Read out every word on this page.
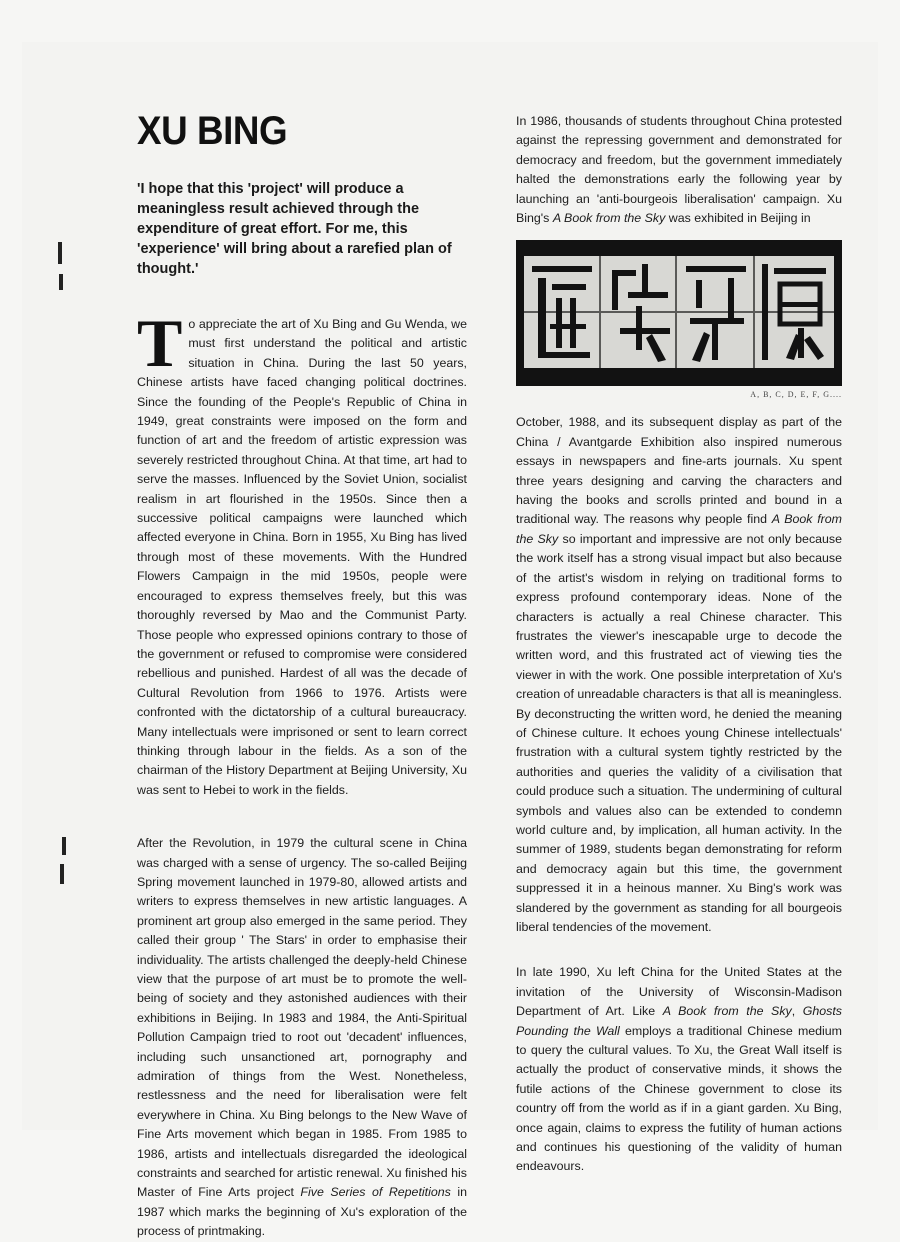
XU BING
'I hope that this 'project' will produce a meaningless result achieved through the expenditure of great effort. For me, this 'experience' will bring about a rarefied plan of thought.'

To appreciate the art of Xu Bing and Gu Wenda, we must first understand the political and artistic situation in China. During the last 50 years, Chinese artists have faced changing political doctrines. Since the founding of the People's Republic of China in 1949, great constraints were imposed on the form and function of art and the freedom of artistic expression was severely restricted throughout China. At that time, art had to serve the masses. Influenced by the Soviet Union, socialist realism in art flourished in the 1950s. Since then a successive political campaigns were launched which affected everyone in China. Born in 1955, Xu Bing has lived through most of these movements. With the Hundred Flowers Campaign in the mid 1950s, people were encouraged to express themselves freely, but this was thoroughly reversed by Mao and the Communist Party. Those people who expressed opinions contrary to those of the government or refused to compromise were considered rebellious and punished. Hardest of all was the decade of Cultural Revolution from 1966 to 1976. Artists were confronted with the dictatorship of a cultural bureaucracy. Many intellectuals were imprisoned or sent to learn correct thinking through labour in the fields. As a son of the chairman of the History Department at Beijing University, Xu was sent to Hebei to work in the fields.

After the Revolution, in 1979 the cultural scene in China was charged with a sense of urgency. The so-called Beijing Spring movement launched in 1979-80, allowed artists and writers to express themselves in new artistic languages. A prominent art group also emerged in the same period. They called their group ' The Stars' in order to emphasise their individuality. The artists challenged the deeply-held Chinese view that the purpose of art must be to promote the well-being of society and they astonished audiences with their exhibitions in Beijing. In 1983 and 1984, the Anti-Spiritual Pollution Campaign tried to root out 'decadent' influences, including such unsanctioned art, pornography and admiration of things from the West. Nonetheless, restlessness and the need for liberalisation were felt everywhere in China. Xu Bing belongs to the New Wave of Fine Arts movement which began in 1985. From 1985 to 1986, artists and intellectuals disregarded the ideological constraints and searched for artistic renewal. Xu finished his Master of Fine Arts project Five Series of Repetitions in 1987 which marks the beginning of Xu's exploration of the process of printmaking.

In 1986, thousands of students throughout China protested against the repressing government and demonstrated for democracy and freedom, but the government immediately halted the demonstrations early the following year by launching an 'anti-bourgeois liberalisation' campaign. Xu Bing's A Book from the Sky was exhibited in Beijing in

A, B, C, D, E, F, G....

October, 1988, and its subsequent display as part of the China / Avantgarde Exhibition also inspired numerous essays in newspapers and fine-arts journals. Xu spent three years designing and carving the characters and having the books and scrolls printed and bound in a traditional way. The reasons why people find A Book from the Sky so important and impressive are not only because the work itself has a strong visual impact but also because of the artist's wisdom in relying on traditional forms to express profound contemporary ideas. None of the characters is actually a real Chinese character. This frustrates the viewer's inescapable urge to decode the written word, and this frustrated act of viewing ties the viewer in with the work. One possible interpretation of Xu's creation of unreadable characters is that all is meaningless. By deconstructing the written word, he denied the meaning of Chinese culture. It echoes young Chinese intellectuals' frustration with a cultural system tightly restricted by the authorities and queries the validity of a civilisation that could produce such a situation. The undermining of cultural symbols and values also can be extended to condemn world culture and, by implication, all human activity. In the summer of 1989, students began demonstrating for reform and democracy again but this time, the government suppressed it in a heinous manner. Xu Bing's work was slandered by the government as standing for all bourgeois liberal tendencies of the movement.

In late 1990, Xu left China for the United States at the invitation of the University of Wisconsin-Madison Department of Art. Like A Book from the Sky, Ghosts Pounding the Wall employs a traditional Chinese medium to query the cultural values. To Xu, the Great Wall itself is actually the product of conservative minds, it shows the futile actions of the Chinese government to close its country off from the world as if in a giant garden. Xu Bing, once again, claims to express the futility of human actions and continues his questioning of the validity of human endeavours.
